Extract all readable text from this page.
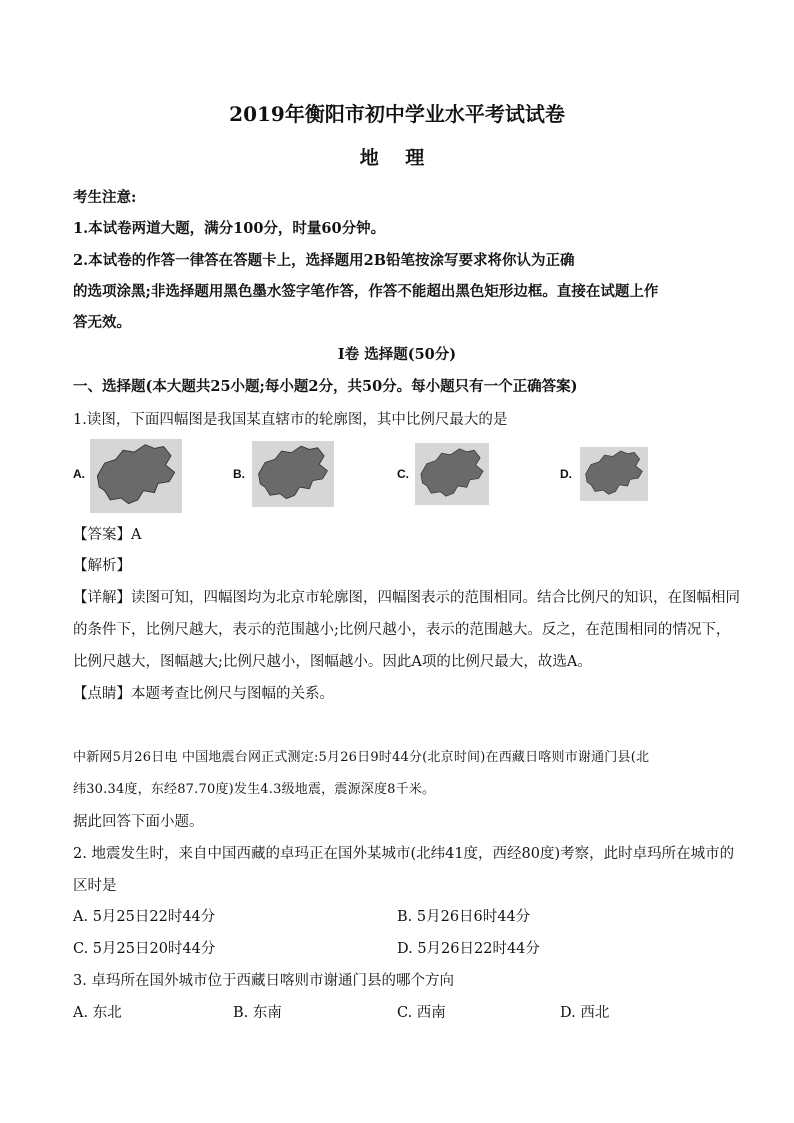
2019年衡阳市初中学业水平考试试卷
地 理
考生注意:
1.本试卷两道大题，满分100分，时量60分钟。
2.本试卷的作答一律答在答题卡上，选择题用2B铅笔按涂写要求将你认为正确
的选项涂黑;非选择题用黑色墨水签字笔作答，作答不能超出黑色矩形边框。直接在试题上作
答无效。
I卷 选择题(50分)
一、选择题(本大题共25小题;每小题2分，共50分。每小题只有一个正确答案)
1.读图，下面四幅图是我国某直辖市的轮廓图，其中比例尺最大的是
A.	B.	C.	D.
【答案】A
【解析】
【详解】读图可知，四幅图均为北京市轮廓图，四幅图表示的范围相同。结合比例尺的知识，在图幅相同
的条件下，比例尺越大，表示的范围越小;比例尺越小，表示的范围越大。反之，在范围相同的情况下，
比例尺越大，图幅越大;比例尺越小，图幅越小。因此A项的比例尺最大，故选A。
【点睛】本题考查比例尺与图幅的关系。
中新网5月26日电 中国地震台网正式测定:5月26日9时44分(北京时间)在西藏日喀则市谢通门县(北
纬30.34度，东经87.70度)发生4.3级地震，震源深度8千米。
据此回答下面小题。
2. 地震发生时，来自中国西藏的卓玛正在国外某城市(北纬41度，西经80度)考察，此时卓玛所在城市的
区时是
A. 5月25日22时44分	B. 5月26日6时44分
C. 5月25日20时44分	D. 5月26日22时44分
3. 卓玛所在国外城市位于西藏日喀则市谢通门县的哪个方向
A. 东北	B. 东南	C. 西南	D. 西北
